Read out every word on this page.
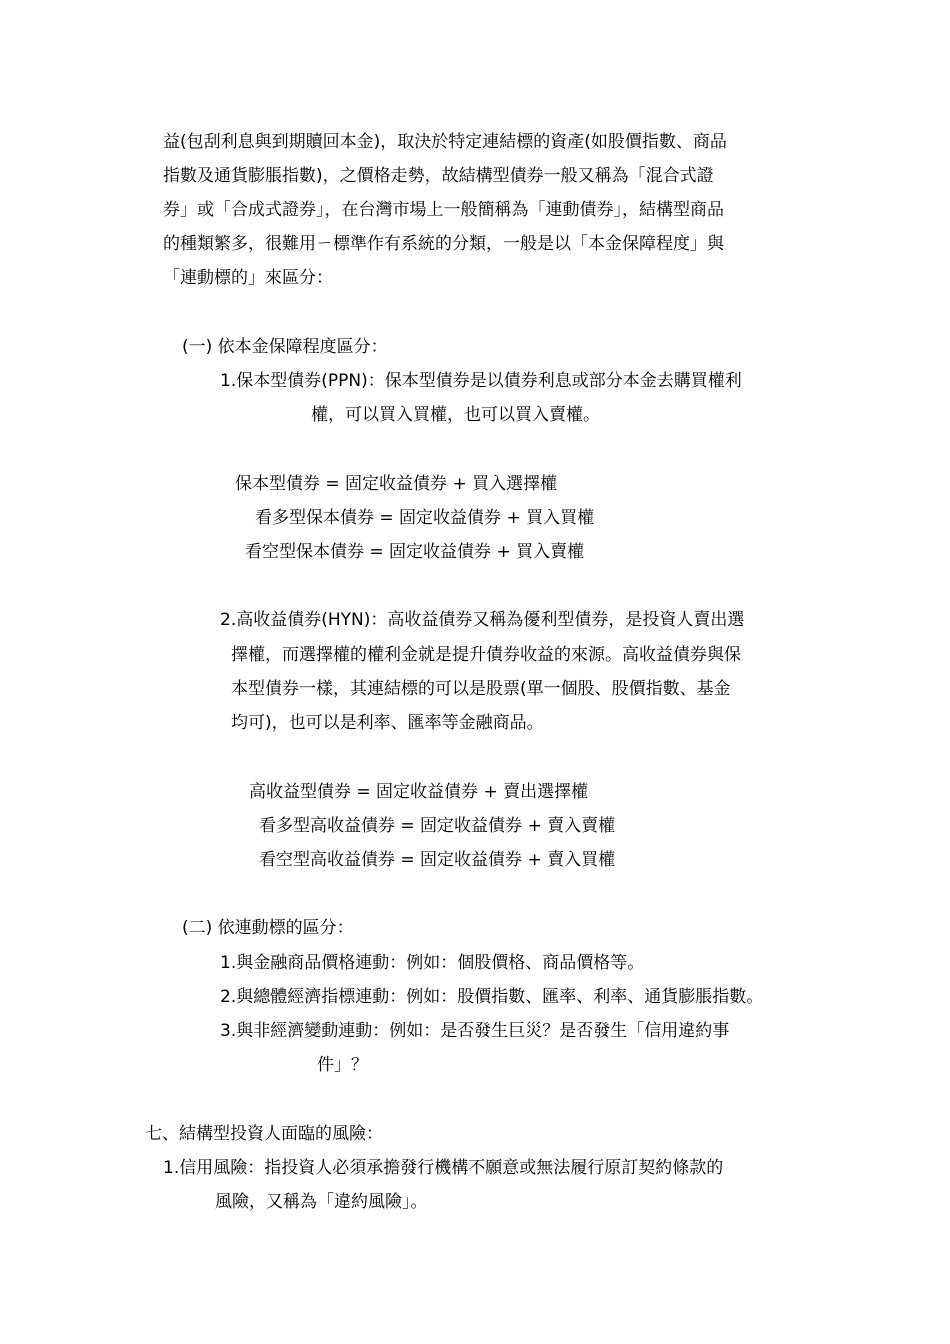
益(包刮利息與到期贖回本金)，取決於特定連結標的資產(如股價指數、商品
指數及通貨膨脹指數)，之價格走勢，故結構型債券一般又稱為「混合式證
券」或「合成式證券」，在台灣市場上一般簡稱為「連動債券」，結構型商品
的種類繁多，很難用ㄧ標準作有系統的分類，一般是以「本金保障程度」與
「連動標的」來區分：
(一) 依本金保障程度區分：
1.保本型債券(PPN)：保本型債券是以債券利息或部分本金去購買權利
權，可以買入買權，也可以買入賣權。
保本型債券 = 固定收益債券 + 買入選擇權
看多型保本債券 = 固定收益債券 + 買入買權
看空型保本債券 = 固定收益債券 + 買入賣權
2.高收益債券(HYN)：高收益債券又稱為優利型債券，是投資人賣出選
擇權，而選擇權的權利金就是提升債券收益的來源。高收益債券與保
本型債券一樣，其連結標的可以是股票(單一個股、股價指數、基金
均可)，也可以是利率、匯率等金融商品。
高收益型債券 = 固定收益債券 + 賣出選擇權
看多型高收益債券 = 固定收益債券 + 賣入賣權
看空型高收益債券 = 固定收益債券 + 賣入買權
(二) 依連動標的區分：
1.與金融商品價格連動：例如：個股價格、商品價格等。
2.與總體經濟指標連動：例如：股價指數、匯率、利率、通貨膨脹指數。
3.與非經濟變動連動：例如：是否發生巨災？是否發生「信用違約事
件」？
七、結構型投資人面臨的風險：
1.信用風險：指投資人必須承擔發行機構不願意或無法履行原訂契約條款的
風險，又稱為「違約風險」。
